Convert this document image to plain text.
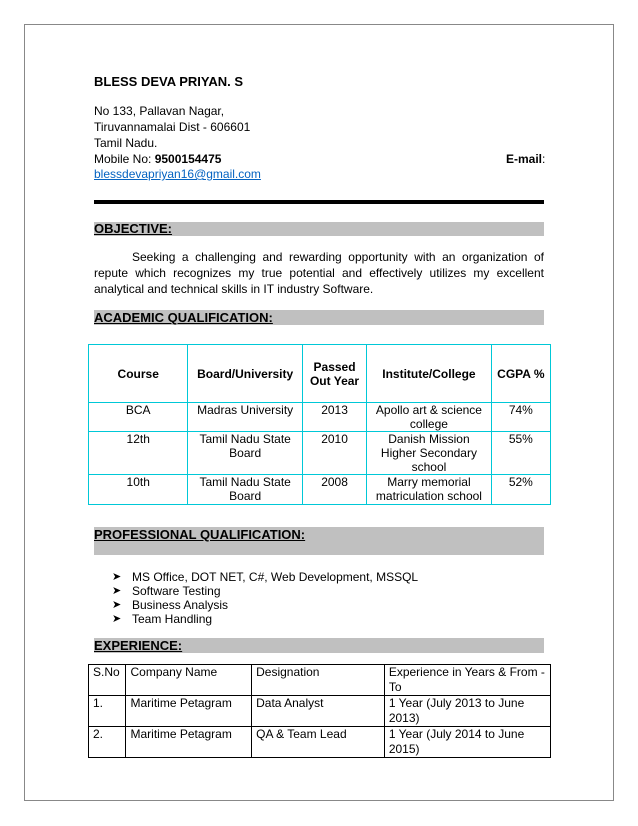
BLESS DEVA PRIYAN. S
No 133, Pallavan Nagar,
Tiruvannamalai Dist - 606601
Tamil Nadu.
Mobile No: 9500154475	E-mail:
blessdevapriyan16@gmail.com
OBJECTIVE:
Seeking a challenging and rewarding opportunity with an organization of repute which recognizes my true potential and effectively utilizes my excellent analytical and technical skills in IT industry Software.
ACADEMIC QUALIFICATION:
Course	Board/University	Passed Out Year	Institute/College	CGPA %
BCA	Madras University	2013	Apollo art & science college	74%
12th	Tamil Nadu State Board	2010	Danish Mission Higher Secondary school	55%
10th	Tamil Nadu State Board	2008	Marry memorial matriculation school	52%
PROFESSIONAL QUALIFICATION:
➤ MS Office, DOT NET, C#, Web Development, MSSQL
➤ Software Testing
➤ Business Analysis
➤ Team Handling
EXPERIENCE:
S.No	Company Name	Designation	Experience in Years & From - To
1.	Maritime Petagram	Data Analyst	1 Year (July 2013 to June 2013)
2.	Maritime Petagram	QA & Team Lead	1 Year (July 2014 to June 2015)
